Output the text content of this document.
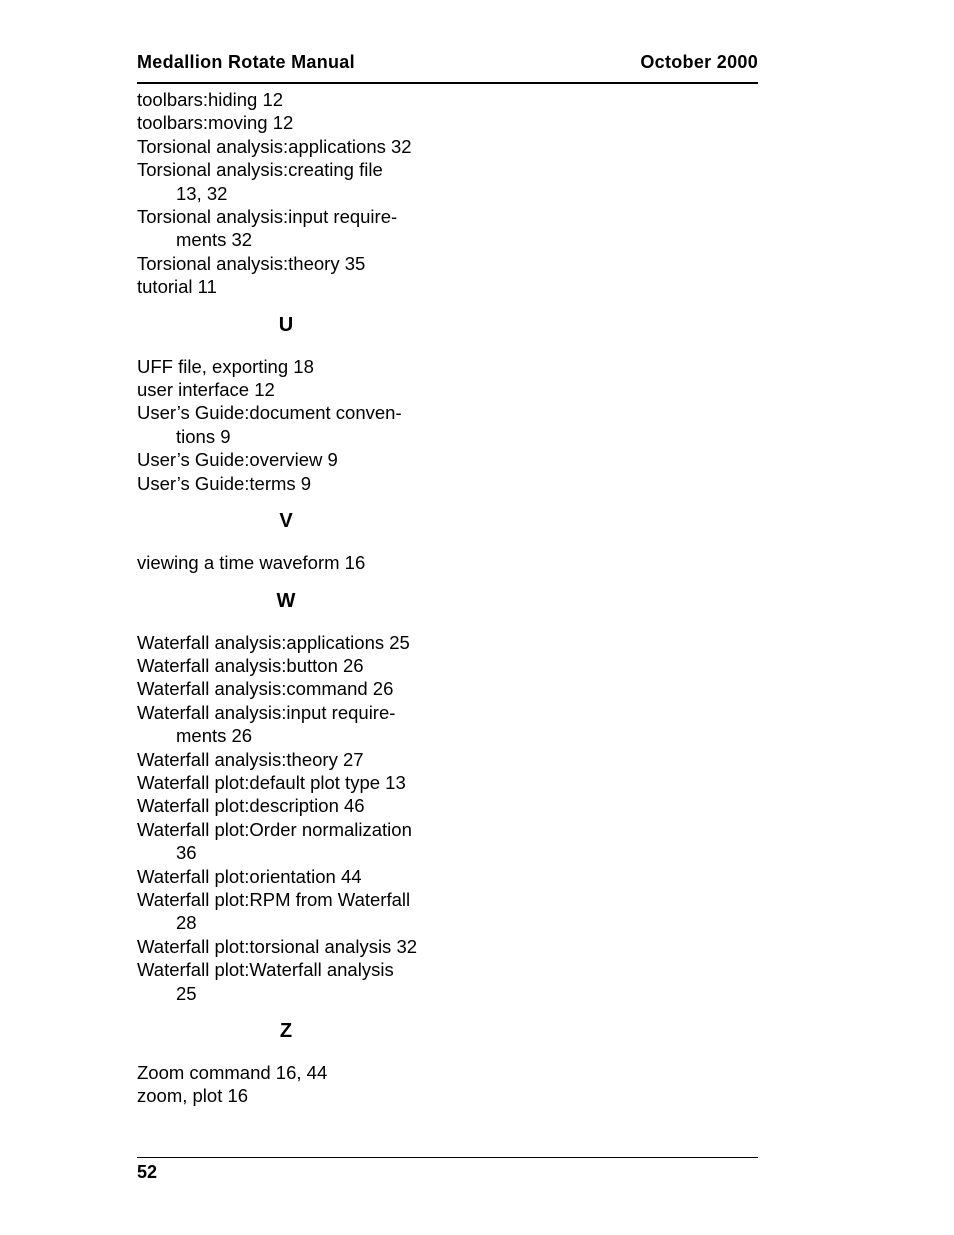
Medallion Rotate Manual	October 2000
toolbars:hiding 12
toolbars:moving 12
Torsional analysis:applications 32
Torsional analysis:creating file
13, 32
Torsional analysis:input require-
ments 32
Torsional analysis:theory 35
tutorial 11
U
UFF file, exporting 18
user interface 12
User’s Guide:document conven-
tions 9
User’s Guide:overview 9
User’s Guide:terms 9
V
viewing a time waveform 16
W
Waterfall analysis:applications 25
Waterfall analysis:button 26
Waterfall analysis:command 26
Waterfall analysis:input require-
ments 26
Waterfall analysis:theory 27
Waterfall plot:default plot type 13
Waterfall plot:description 46
Waterfall plot:Order normalization
36
Waterfall plot:orientation 44
Waterfall plot:RPM from Waterfall
28
Waterfall plot:torsional analysis 32
Waterfall plot:Waterfall analysis
25
Z
Zoom command 16, 44
zoom, plot 16
52
